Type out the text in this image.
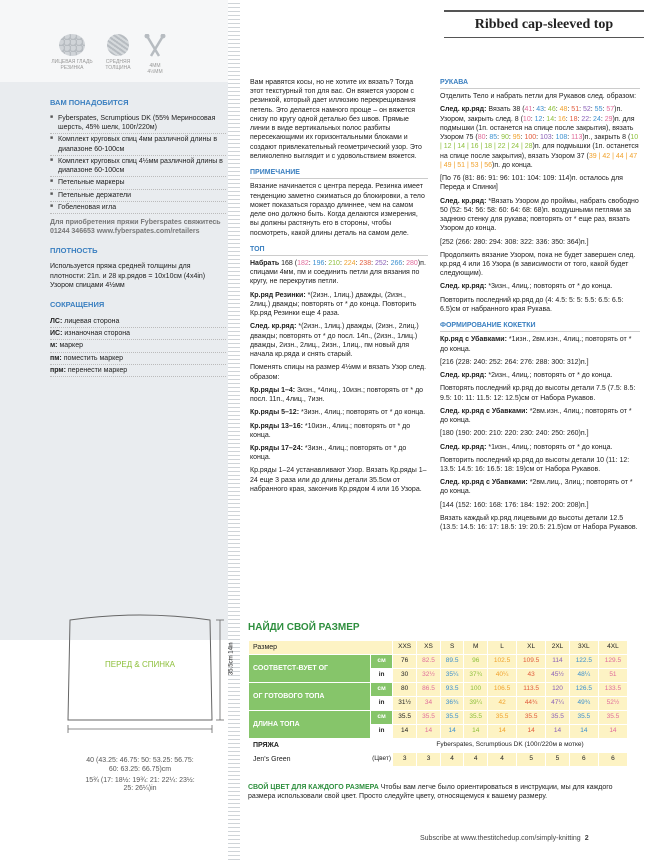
ЛИЦЕВАЯ ГЛАДЬ
РЕЗИНКА
СРЕДНЯЯ
ТОЛЩИНА	4ММ
4½ММ
ВАМ ПОНАДОБИТСЯ
■ Fyberspates, Scrumptious DK (55% Мериносовая шерсть, 45% шелк, 100г/220м)
■ Комплект круговых спиц 4мм различной длины в диапазоне 60-100см
■ Комплект круговых спиц 4½мм различной длины в диапазоне 60-100см
■ Петельные маркеры
■ Петельные держатели
■ Гобеленовая игла
Для приобретения пряжи Fyberspates свяжитесь 01244 346653 www.fyberspates.com/retailers
ПЛОТНОСТЬ
Используется пряжа средней толщины для плотности: 21п. и 28 кр.рядов = 10х10см (4х4in) Узором спицами 4½мм
СОКРАЩЕНИЯ
ЛС: лицевая сторона
ИС: изнаночная сторона
м: маркер
пм: поместить маркер
прм: перенести маркер
Ribbed cap-sleeved top

Вам нравятся косы, но не хотите их вязать? Тогда этот текстурный топ для вас. Он вяжется узором с резинкой, который дает иллюзию перекрещивания петель. Это делается намного проще – он вяжется снизу по кругу одной деталью без швов. Прямые линии в виде вертикальных полос разбиты пересекающими их горизонтальными блоками и создают привлекательный геометрический узор. Это великолепно выглядит и с удовольствием вяжется.

ПРИМЕЧАНИЕ

Вязание начинается с центра переда. Резинка имеет тенденцию заметно сжиматься до блокировки, а тело может показаться гораздо длиннее, чем на самом деле оно должно быть. Когда делаются измерения, вы должны растянуть его в стороны, чтобы посмотреть, какой длины деталь на самом деле.

ТОП

Набрать 168 (182: 196: 210: 224: 238: 252: 266: 280)п. спицами 4мм, пм и соединить петли для вязания по кругу, не перекрутив петли.

Кр.ряд Резинки: *(2изн., 1лиц.) дважды, (2изн., 2лиц.) дважды; повторять от * до конца. Повторить Кр.ряд Резинки еще 4 раза.

След. кр.ряд: *(2изн., 1лиц.) дважды, (2изн., 2лиц.) дважды; повторять от * до посл. 14п., (2изн., 1лиц.) дважды, 2изн., 2лиц., 2изн., 1лиц., пм новый для начала кр.ряда и снять старый.

Поменять спицы на размер 4½мм и вязать Узор след. образом:

Кр.ряды 1–4: 3изн., *4лиц., 10изн.; повторять от * до посл. 11п., 4лиц., 7изн.

Кр.ряды 5–12: *3изн., 4лиц.; повторять от * до конца.

Кр.ряды 13–16: *10изн., 4лиц.; повторять от * до конца.

Кр.ряды 17–24: *3изн., 4лиц.; повторять от * до конца.

Кр.ряды 1–24 устанавливают Узор. Вязать Кр.ряды 1–24 еще 3 раза или до длины детали 35.5см от набранного края, закончив Кр.рядом 4 или 16 Узора.

РУКАВА

Отделить Тело и набрать петли для Рукавов след. образом:

След. кр.ряд: Вязать 38 (41: 43: 46: 48: 51: 52: 55: 57)п. Узором, закрыть след. 8 (10: 12: 14: 16: 18: 22: 24: 29)п. для подмышки (1п. останется на спице после закрытия), вязать Узором 75 (80: 85: 90: 95: 100: 103: 108: 113)п., закрыть 8 (10 | 12 | 14 | 16 | 18 | 22 | 24 | 28)п. для подмышки (1п. останется на спице после закрытия), вязать Узором 37 (39 | 42 | 44 | 47 | 49 | 51 | 53 | 56)п. до конца.

[По 76 (81: 86: 91: 96: 101: 104: 109: 114)п. осталось для Переда и Спинки]

След. кр.ряд: *Вязать Узором до проймы, набрать свободно 50 (52: 54: 56: 58: 60: 64: 68: 68)п. воздушными петлями за заднюю стенку для рукава; повторять от * еще раз, вязать Узором до конца.

[252 (266: 280: 294: 308: 322: 336: 350: 364)п.]

Продолжить вязание Узором, пока не будет завершен след. кр.ряд 4 или 16 Узора (в зависимости от того, какой будет следующим).

След. кр.ряд: *3изн., 4лиц.; повторять от * до конца.

Повторить последний кр.ряд до (4: 4.5: 5: 5: 5.5: 6.5: 6.5: 6.5)см от набранного края Рукава.

ФОРМИРОВАНИЕ КОКЕТКИ

Кр.ряд с Убавками: *1изн., 2вм.изн., 4лиц.; повторять от * до конца.

[216 (228: 240: 252: 264: 276: 288: 300: 312)п.]

След. кр.ряд: *2изн., 4лиц.; повторять от * до конца.

Повторять последний кр.ряд до высоты детали 7.5 (7.5: 8.5: 9.5: 10: 11: 11.5: 12: 12.5)см от Набора Рукавов.

След. кр.ряд с Убавками: *2вм.изн., 4лиц.; повторять от * до конца.

[180 (190: 200: 210: 220: 230: 240: 250: 260)п.]

След. кр.ряд: *1изн., 4лиц.; повторять от * до конца.

Повторить последний кр.ряд до высоты детали 10 (11: 12: 13.5: 14.5: 16: 16.5: 18: 19)см от Набора Рукавов.

След. кр.ряд с Убавками: *2вм.лиц., 3лиц.; повторять от * до конца.

[144 (152: 160: 168: 176: 184: 192: 200: 208)п.]

Вязать каждый кр.ряд лицевыми до высоты детали 12.5 (13.5: 14.5: 16: 17: 18.5: 19: 20.5: 21.5)см от Набора Рукавов.

ПЕРЕД & СПИНКА	35.5cm 14in
40 (43.25: 46.75: 50: 53.25: 56.75:
60: 63.25: 66.75)cm
15¾ (17: 18½: 19¾: 21: 22¼: 23½:
25: 26¼)in
НАЙДИ СВОЙ РАЗМЕР
Размер		XXS	XS	S	M	L	XL	2XL	3XL	4XL
СООТВЕТСТ-ВУЕТ ОГ	см	76	82.5	89.5	96	102.5	109.5	114	122.5	129.5
	in	30	32½	35¼	37¾	40¼	43	45½	48¼	51
ОГ ГОТОВОГО ТОПА	см	80	86.5	93.5	100	106.5	113.5	120	126.5	133.5
	in	31½	34	36¾	39¼	42	44¾	47¼	49¾	52½
ДЛИНА ТОПА	см	35.5	35.5	35.5	35.5	35.5	35.5	35.5	35.5	35.5
	in	14	14	14	14	14	14	14	14	14
ПРЯЖА		Fyberspates, Scrumptious DK (100г/220м в мотке)								
Jen's Green	(Цвет)	3	3	4	4	4	5	5	6	6
СВОЙ ЦВЕТ ДЛЯ КАЖДОГО РАЗМЕРА Чтобы вам легче было ориентироваться в инструкции, мы для каждого размера использовали свой цвет. Просто следуйте цвету, относящемуся к вашему размеру.
Subscribe at www.thestitchedup.com/simply-knitting 2
